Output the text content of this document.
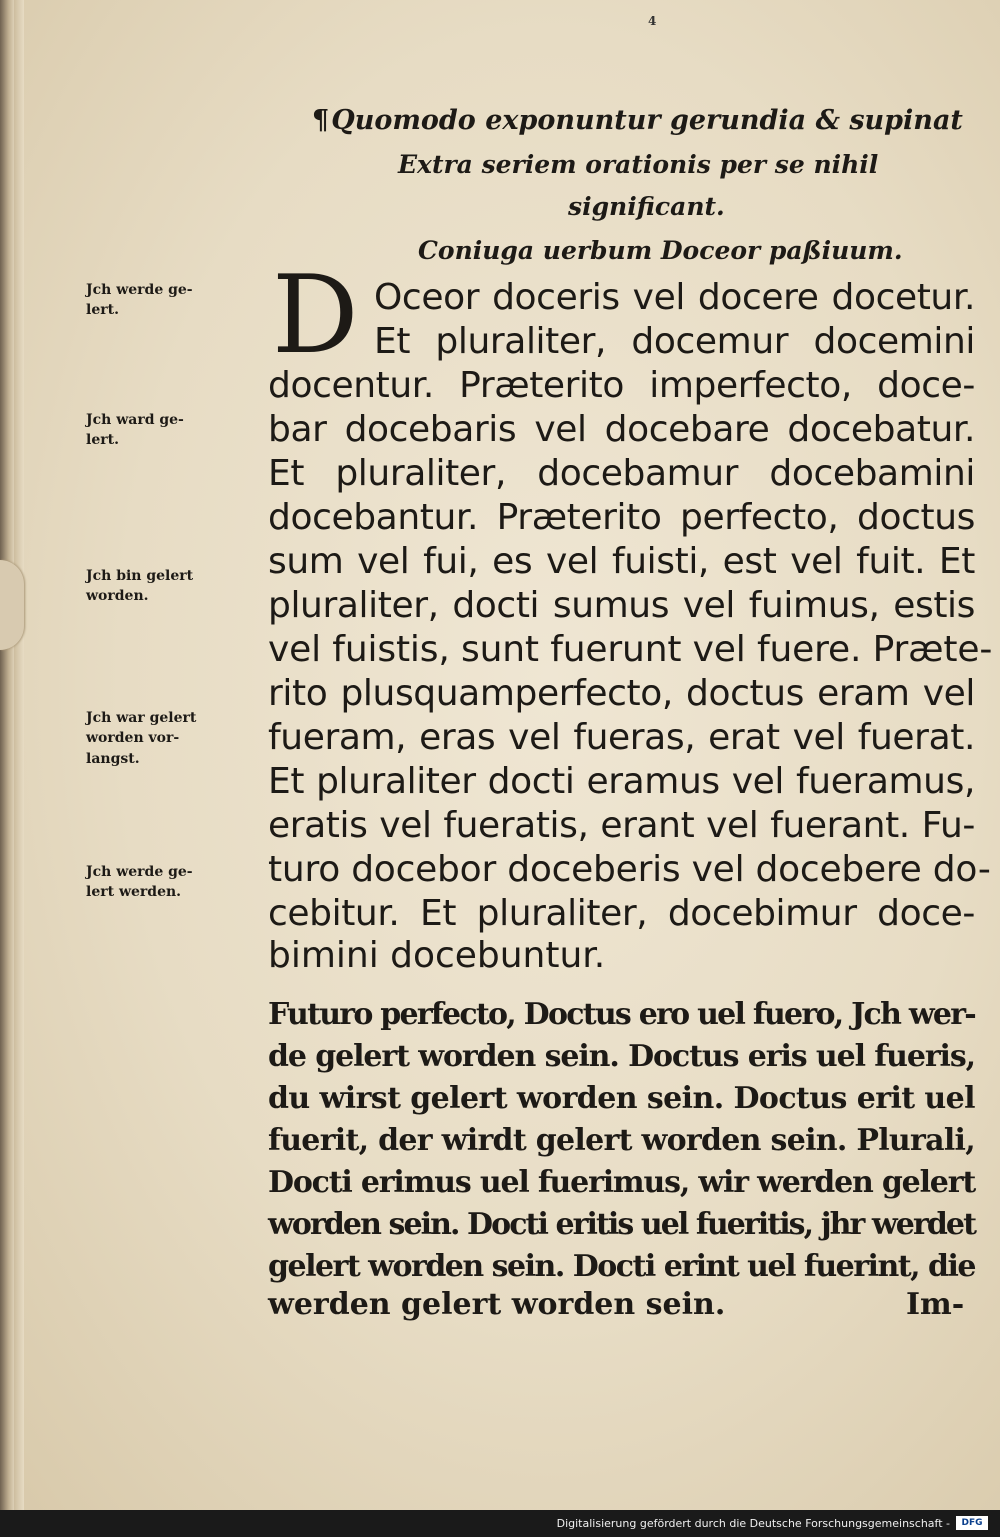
4
¶Quomodo exponuntur gerundia & supinat
Extra seriem orationis per se nihil
significant.
Coniuga uerbum Doceor paßiuum.
D Oceor doceris vel docere docetur.
Et pluraliter, docemur docemini
docentur. Præterito imperfecto, doce-
bar docebaris vel docebare docebatur.
Et pluraliter, docebamur docebamini
docebantur. Præterito perfecto, doctus
sum vel fui, es vel fuisti, est vel fuit. Et
pluraliter, docti sumus vel fuimus, estis
vel fuistis, sunt fuerunt vel fuere. Præte-
rito plusquamperfecto, doctus eram vel
fueram, eras vel fueras, erat vel fuerat.
Et pluraliter docti eramus vel fueramus,
eratis vel fueratis, erant vel fuerant. Fu-
turo docebor doceberis vel docebere do-
cebitur. Et pluraliter, docebimur doce-
bimini docebuntur.
Jch werde ge-
lert.
Jch ward ge-
lert.
Jch bin gelert
worden.
Jch war gelert
worden vor-
langst.
Jch werde ge-
lert werden.
Futuro perfecto, Doctus ero uel fuero, Jch wer-
de gelert worden sein. Doctus eris uel fueris,
du wirst gelert worden sein. Doctus erit uel
fuerit, der wirdt gelert worden sein. Plurali,
Docti erimus uel fuerimus, wir werden gelert
worden sein. Docti eritis uel fueritis, jhr werdet
gelert worden sein. Docti erint uel fuerint, die
werden gelert worden sein.	Im-
Digitalisierung gefördert durch die Deutsche Forschungsgemeinschaft -	DFG
